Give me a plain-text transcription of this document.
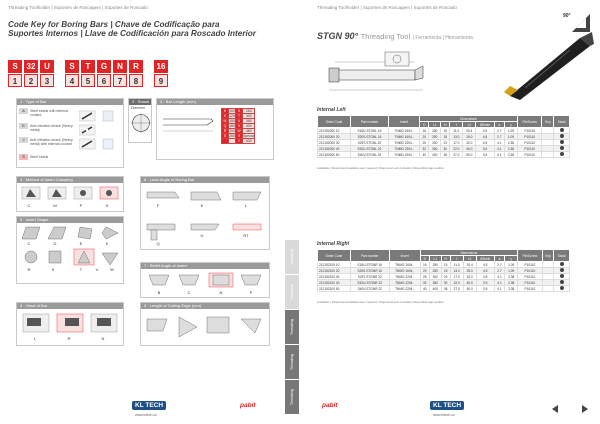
Threading Toolholder | Suportes de Roscagem | Suportes de Roscado
Code Key for Boring Bars | Chave de Codificação para
Suportes Internos | Llave de Codificación para Roscado Interior
S	32	U	S	T	G	N	R	16
1	2	3	4	5	6	7	8	9
1 · Type of Bar
A	Steel shank with internal coolant
E	Anti-vibration shank (Heavy metal)
J	Anti-vibration shank (Heavy metal) with internal coolant
S	Steel shank
2 · Shank
Diameter
3 · Bar Length (mm)
H	100	S	250
K	125	T	300
M	150	U	350
Q	180	V	400
R	200	W	450
S	250	X	Special
		Y	500
4 · Method of Insert Clamping
C	M	P	S
5 · Insert Shape
C	D	E	K
R	S	T	V	W
6 · Lead Angle of Boring Bar
F	K	L
Q
U	RT
7 · Relief Angle of Insert
B	C	N	P
8 · Hand of Bar
L	R	N
9 · Length of Cutting Edge (mm)
Threading
Threading
Threading
Threading
Threading
KL TECH
www.kltech.cz
pabit
Threading Toolholder | Suportes de Roscagem | Suportes de Roscado
STGN 90° Threading Tool | Ferramenta | Herramienta
90°
Internal Left
Order Code	Part number	Insert	Dimensions								Pin/Screw	Key	Stock
			D	L1	H	f	L2	ØDmin	a	γ			
212152000 10	S16U-STGNL 16	TNMG 1604..	16	250	15	11.0	20.4	4.5	2.7	1.09	P10110		
212152000 20	S20S-STGNL 16	TNMG 1604..	20	250	18	13.0	25.0	4.5	2.7	1.09	P10110		
212152000 30	S25T-STGNL 22	TNMG 2204..	25	300	23	17.0	32.0	4.5	4.1	2.38	P10110		
212152000 40	S32U-STGNL 22	TNMG 2204..	32	350	30	22.0	40.0	3.5	4.1	2.38	P10110		
212152000 50	S40V-STGNL 22	TNMG 2204..	40	400	38	27.0	50.0	3.5	4.1	2.38	P10110		
Available | Disponível Available upon request | Disponível sob consulta | Disponible bajo pedido
Internal Right
Order Code	Part number	Insert	Dimensions								Pin/Screw	Key	Stock
			D	L1	H	f	L2	ØDmin	a	γ			
212152100 10	S16U-STGNR 16	TNMG 1604..	16	250	15	11.0	20.4	4.5	2.7	1.09	P10110		
212152100 20	S20S-STGNR 16	TNMG 1604..	20	250	18	13.0	25.0	4.5	2.7	1.09	P10110		
212152100 30	S25T-STGNR 22	TNMG 2204..	25	300	23	17.0	32.0	4.5	4.1	2.38	P10110		
212152100 40	S32U-STGNR 22	TNMG 2204..	32	350	30	22.0	40.0	3.5	4.1	2.38	P10110		
212152100 50	S40V-STGNR 22	TNMG 2204..	40	400	38	27.0	50.0	3.5	4.1	2.38	P10110		
Available | Disponível Available upon request | Disponível sob consulta | Disponible bajo pedido
pabit	KL TECH
www.kltech.cz
